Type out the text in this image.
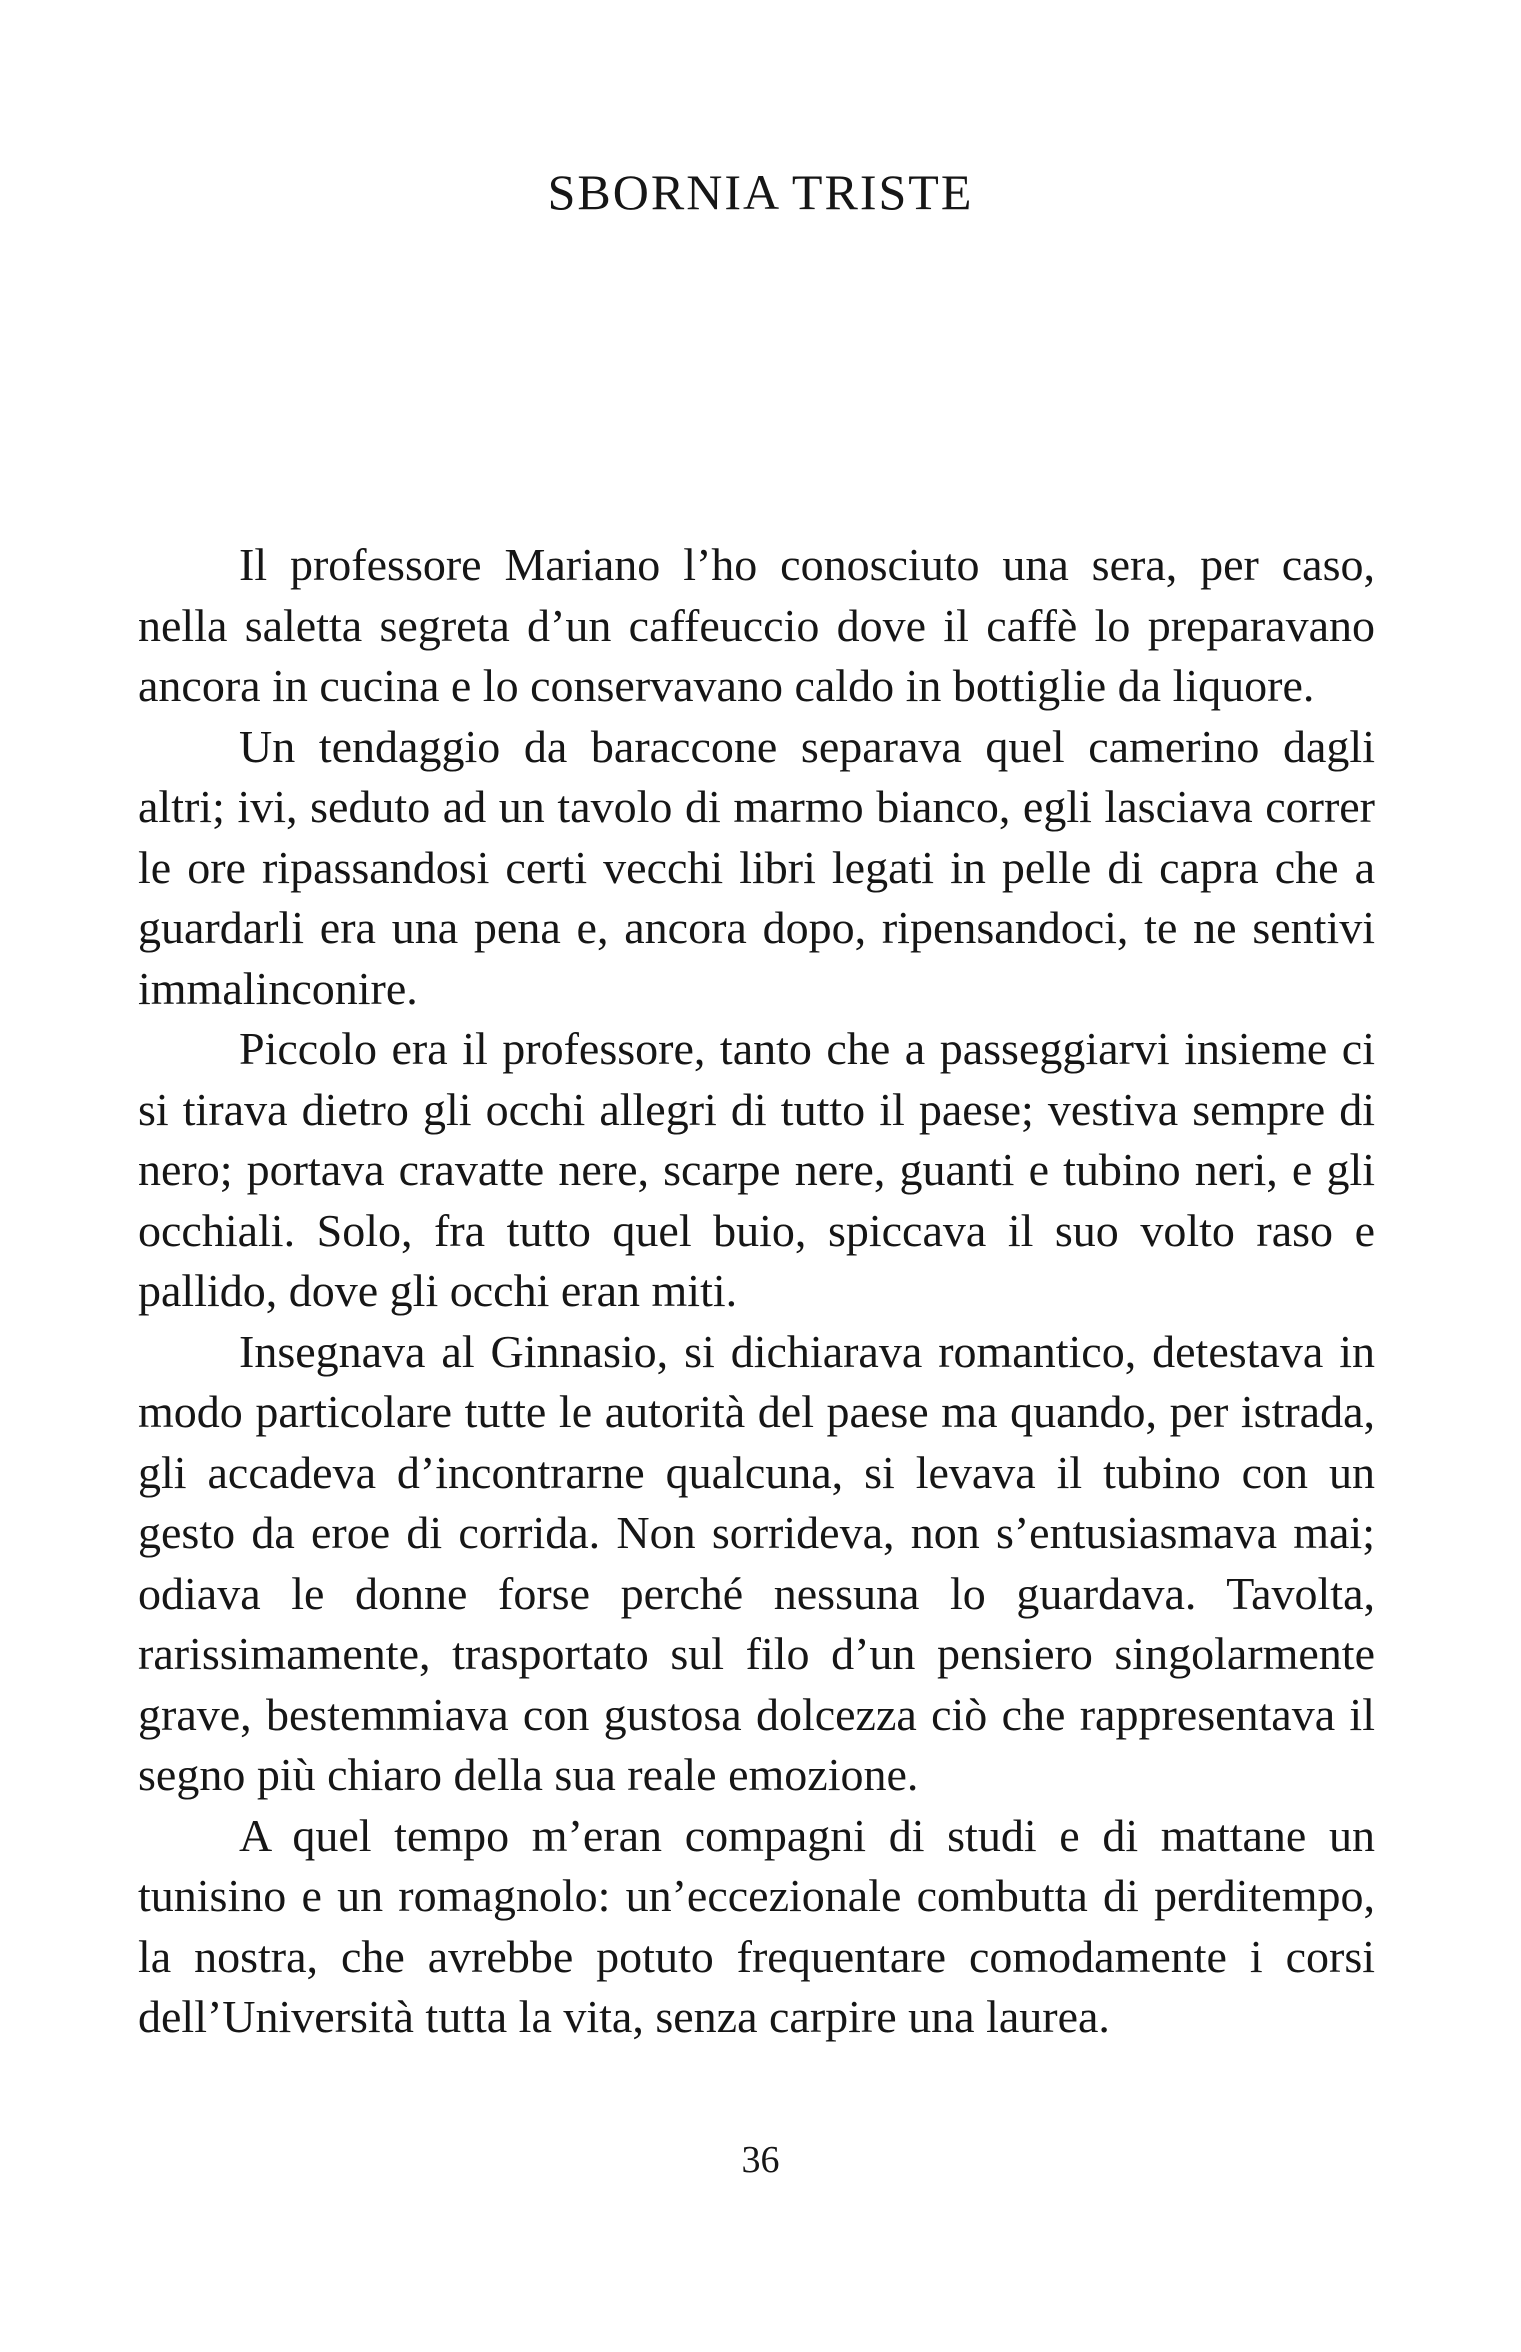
SBORNIA TRISTE

Il professore Mariano l’ho conosciuto una sera, per caso, nella saletta segreta d’un caffeuccio dove il caffè lo preparavano ancora in cucina e lo conservavano caldo in bottiglie da liquore.

Un tendaggio da baraccone separava quel camerino dagli altri; ivi, seduto ad un tavolo di marmo bianco, egli lasciava correr le ore ripassandosi certi vecchi libri legati in pelle di capra che a guardarli era una pena e, ancora dopo, ripensandoci, te ne sentivi immalinconire.

Piccolo era il professore, tanto che a passeggiarvi insieme ci si tirava dietro gli occhi allegri di tutto il paese; vestiva sempre di nero; portava cravatte nere, scarpe nere, guanti e tubino neri, e gli occhiali. Solo, fra tutto quel buio, spiccava il suo volto raso e pallido, dove gli occhi eran miti.

Insegnava al Ginnasio, si dichiarava romantico, detestava in modo particolare tutte le autorità del paese ma quando, per istrada, gli accadeva d’incontrarne qualcuna, si levava il tubino con un gesto da eroe di corrida. Non sorrideva, non s’entusiasmava mai; odiava le donne forse perché nessuna lo guardava. Tavolta, rarissimamente, trasportato sul filo d’un pensiero singolarmente grave, bestemmiava con gustosa dolcezza ciò che rappresentava il segno più chiaro della sua reale emozione.

A quel tempo m’eran compagni di studi e di mattane un tunisino e un romagnolo: un’eccezionale combutta di perditempo, la nostra, che avrebbe potuto frequentare comodamente i corsi dell’Università tutta la vita, senza carpire una laurea.

36
